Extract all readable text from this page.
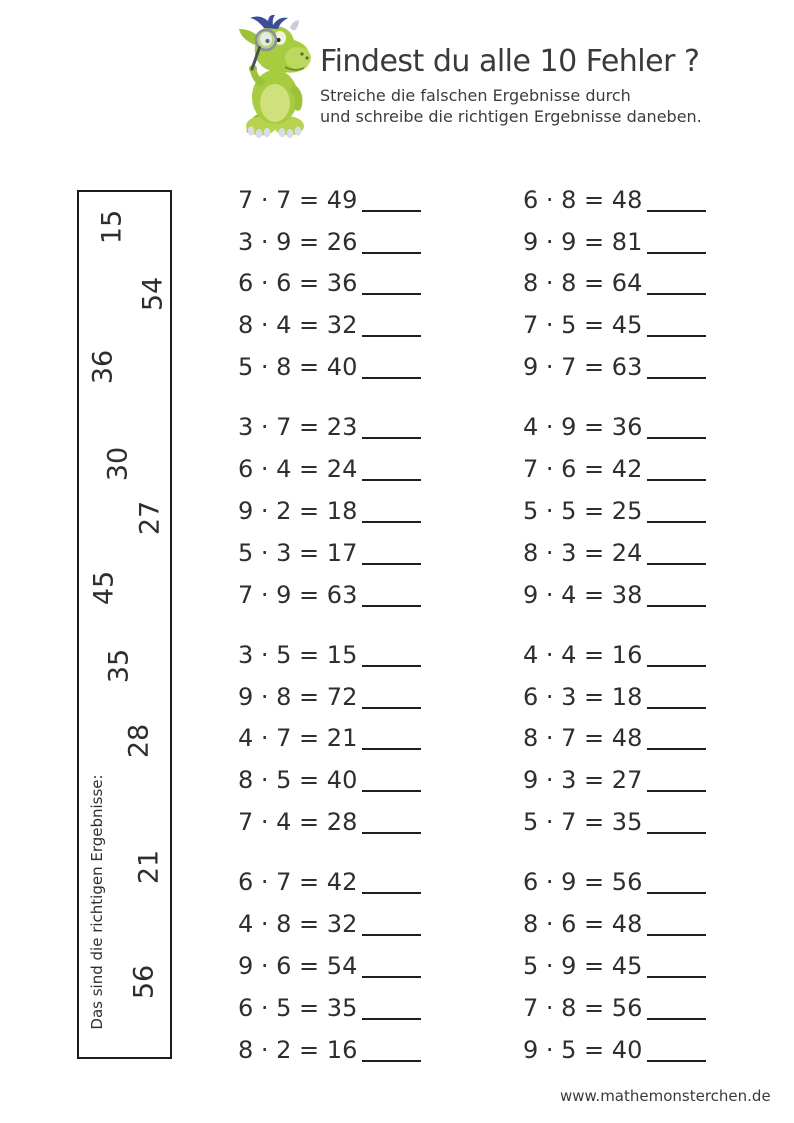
Findest du alle 10 Fehler ?
Streiche die falschen Ergebnisse durch
und schreibe die richtigen Ergebnisse daneben.
Das sind die richtigen Ergebnisse:
15
54
36
30
27
45
35
28
21
56
7 · 7 = 49
3 · 9 = 26
6 · 6 = 36
8 · 4 = 32
5 · 8 = 40
3 · 7 = 23
6 · 4 = 24
9 · 2 = 18
5 · 3 = 17
7 · 9 = 63
3 · 5 = 15
9 · 8 = 72
4 · 7 = 21
8 · 5 = 40
7 · 4 = 28
6 · 7 = 42
4 · 8 = 32
9 · 6 = 54
6 · 5 = 35
8 · 2 = 16
6 · 8 = 48
9 · 9 = 81
8 · 8 = 64
7 · 5 = 45
9 · 7 = 63
4 · 9 = 36
7 · 6 = 42
5 · 5 = 25
8 · 3 = 24
9 · 4 = 38
4 · 4 = 16
6 · 3 = 18
8 · 7 = 48
9 · 3 = 27
5 · 7 = 35
6 · 9 = 56
8 · 6 = 48
5 · 9 = 45
7 · 8 = 56
9 · 5 = 40
www.mathemonsterchen.de
